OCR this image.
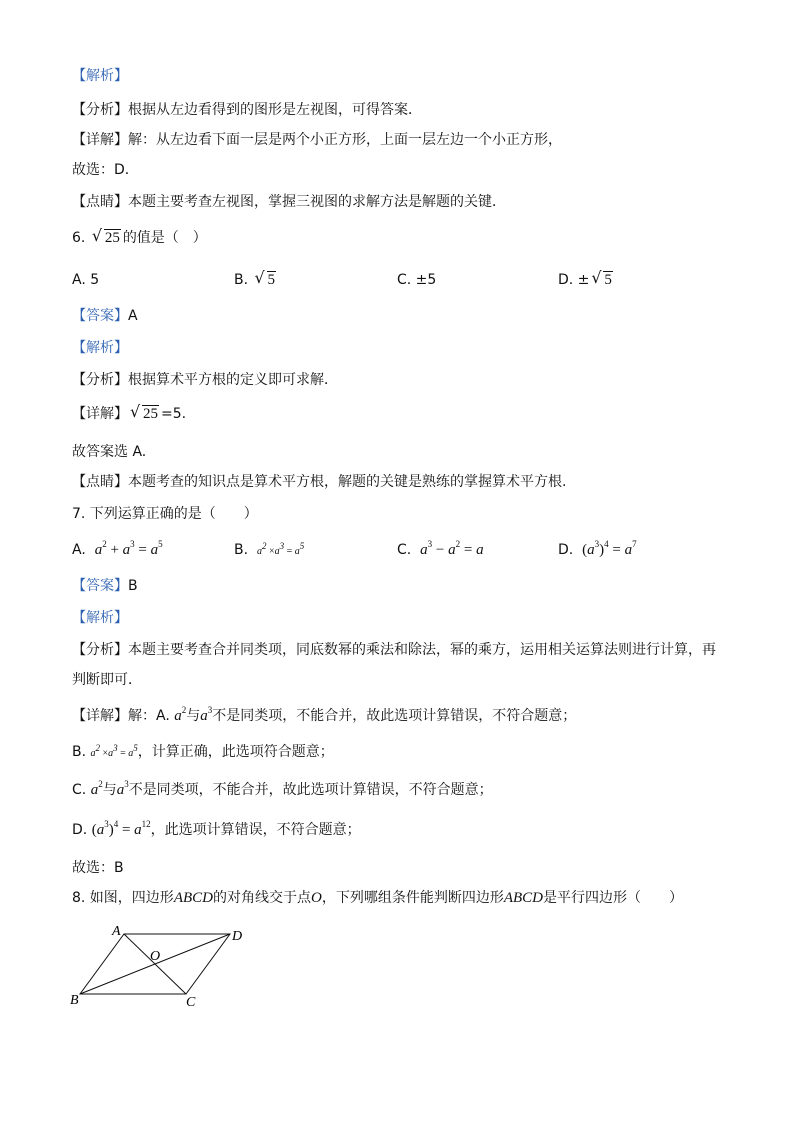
【解析】
【分析】根据从左边看得到的图形是左视图，可得答案．
【详解】解：从左边看下面一层是两个小正方形，上面一层左边一个小正方形，
故选：D．
【点睛】本题主要考查左视图，掌握三视图的求解方法是解题的关键．
6. √ 25 的值是（　）
A. 5	B. √ 5	C. ±5	D. ± √ 5
【答案】A
【解析】
【分析】根据算术平方根的定义即可求解．
【详解】 √ 25 =5.
故答案选 A.
【点睛】本题考查的知识点是算术平方根，解题的关键是熟练的掌握算术平方根.
7. 下列运算正确的是（　　）
A. $a^2 + a^3 = a^5$	B. $a^2 \times a^3 = a^5$	C. $a^3 - a^2 = a$	D. $(a^3)^4 = a^7$
【答案】B
【解析】
【分析】本题主要考查合并同类项，同底数幂的乘法和除法，幂的乘方，运用相关运算法则进行计算，再
判断即可．
【详解】解：A. $a^2$与$a^3$不是同类项，不能合并，故此选项计算错误，不符合题意；
B. $a^2 \times a^3 = a^5$，计算正确，此选项符合题意；
C. $a^2$与$a^3$不是同类项，不能合并，故此选项计算错误，不符合题意；
D. $(a^3)^4 = a^{12}$，此选项计算错误，不符合题意；
故选：B
8. 如图，四边形ABCD的对角线交于点O，下列哪组条件能判断四边形ABCD是平行四边形（　　）
A	D
B	C
O
